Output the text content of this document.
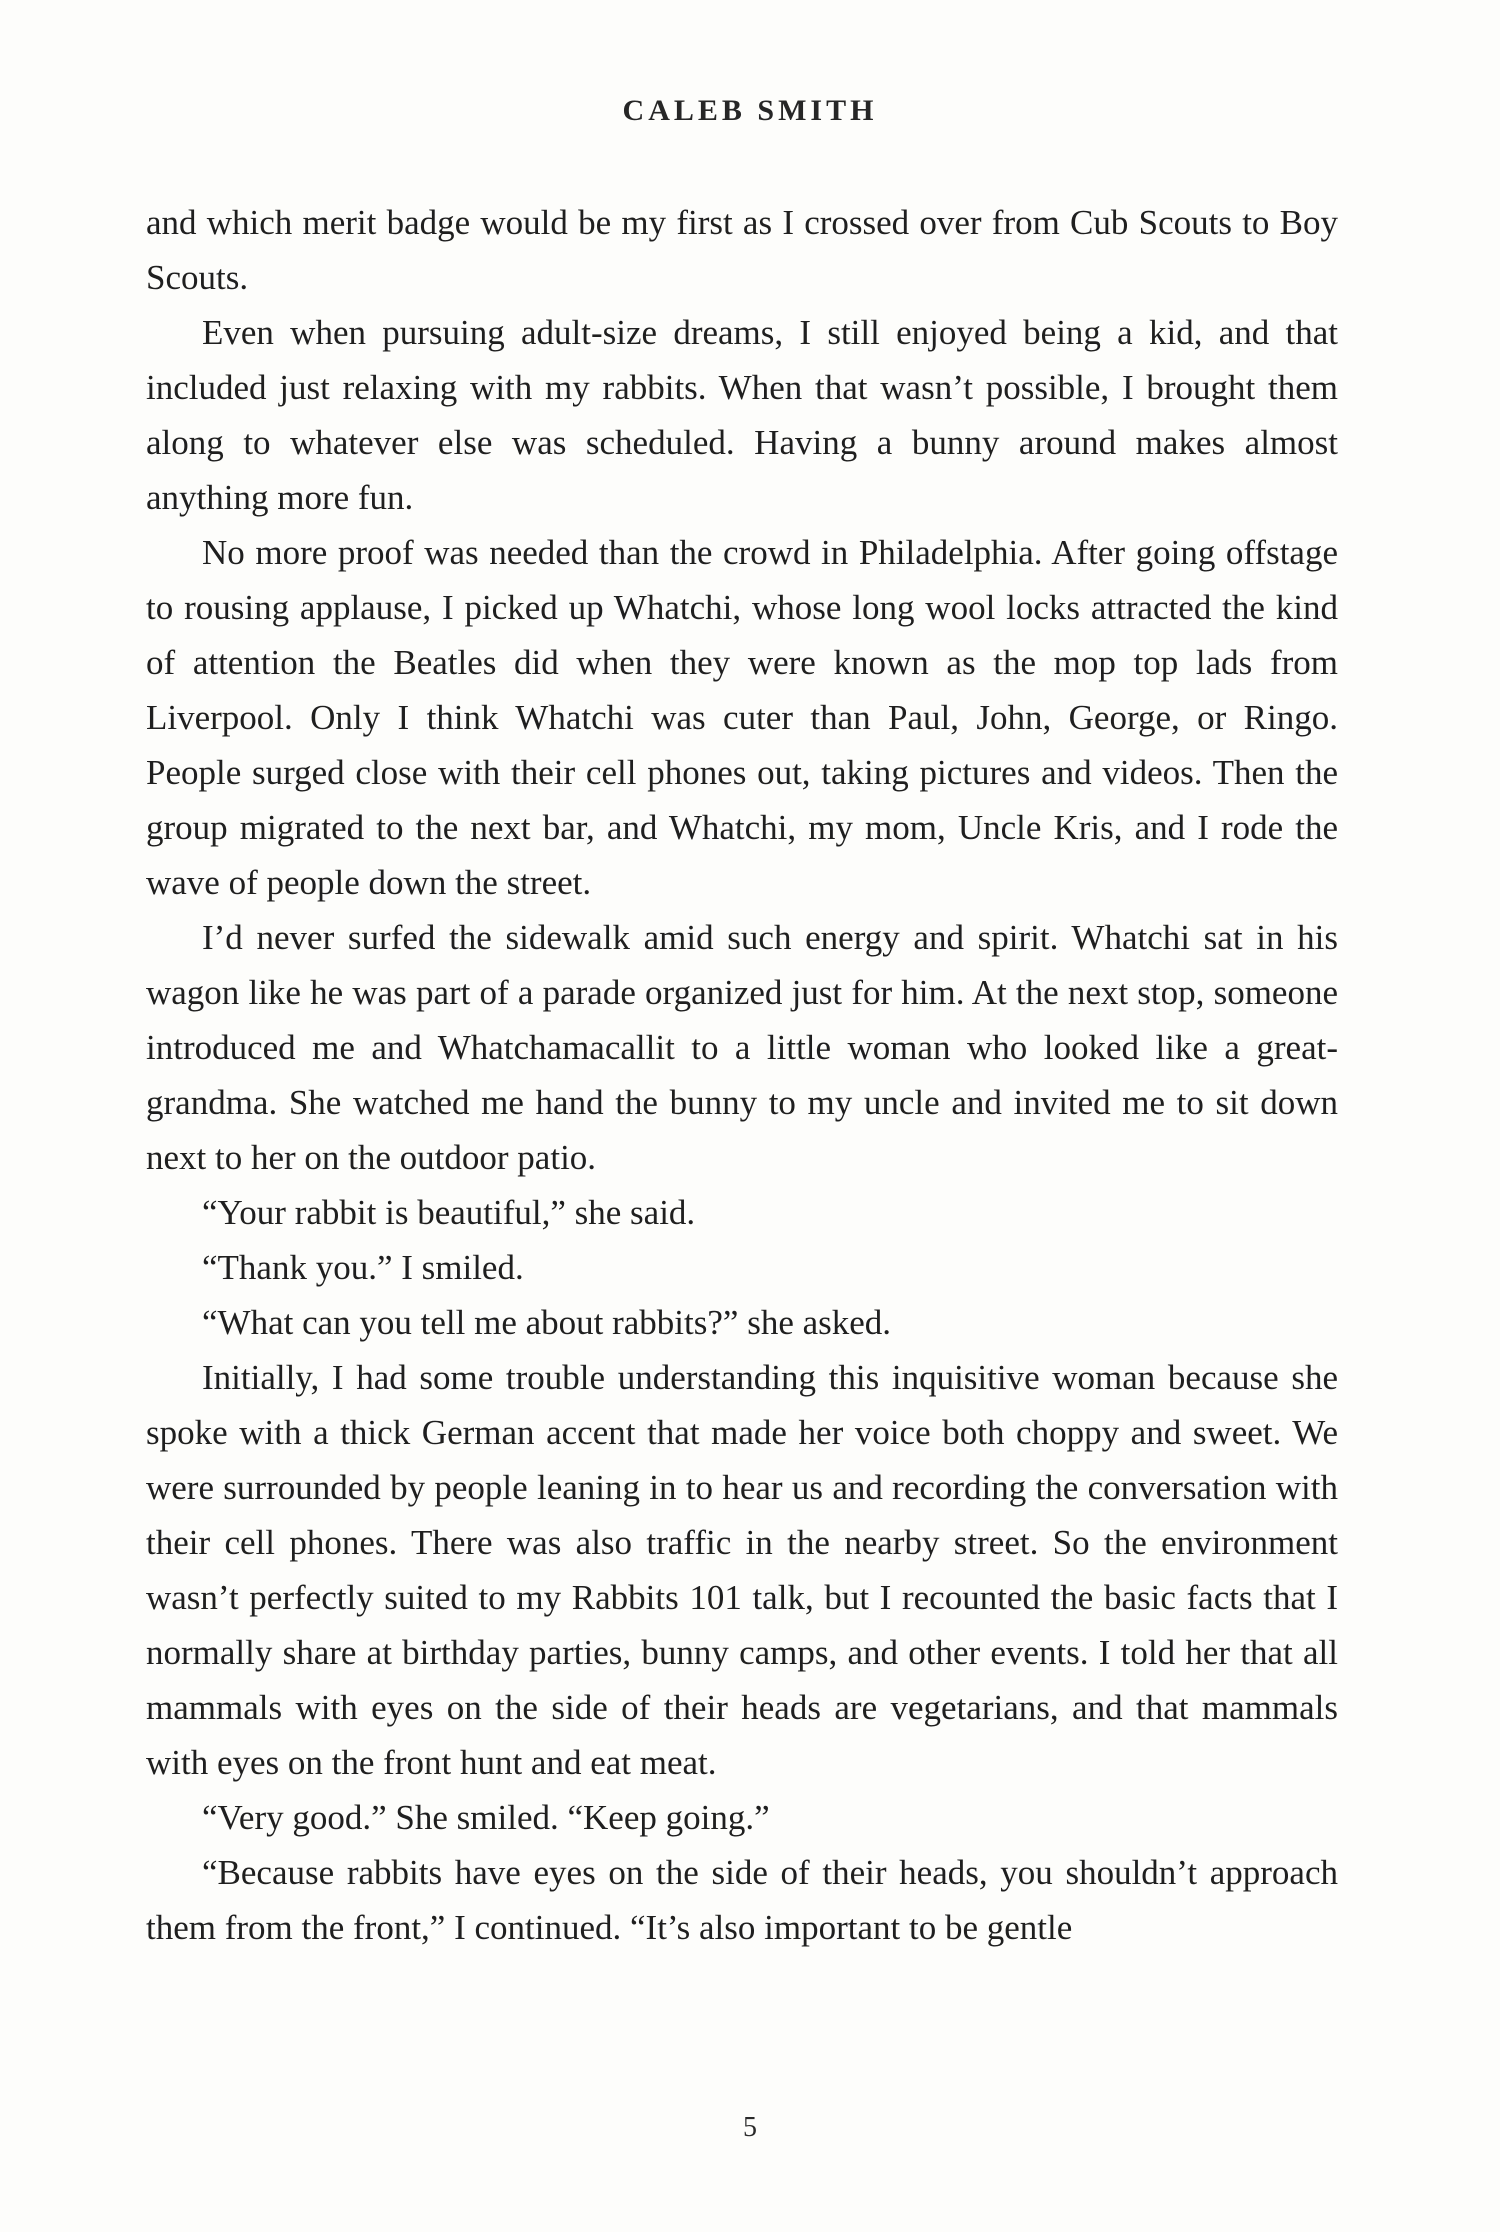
CALEB SMITH

and which merit badge would be my first as I crossed over from Cub Scouts to Boy Scouts.

Even when pursuing adult-size dreams, I still enjoyed being a kid, and that included just relaxing with my rabbits. When that wasn’t possible, I brought them along to whatever else was scheduled. Having a bunny around makes almost anything more fun.

No more proof was needed than the crowd in Philadelphia. After going offstage to rousing applause, I picked up Whatchi, whose long wool locks attracted the kind of attention the Beatles did when they were known as the mop top lads from Liverpool. Only I think Whatchi was cuter than Paul, John, George, or Ringo. People surged close with their cell phones out, taking pictures and videos. Then the group migrated to the next bar, and Whatchi, my mom, Uncle Kris, and I rode the wave of people down the street.

I’d never surfed the sidewalk amid such energy and spirit. Whatchi sat in his wagon like he was part of a parade organized just for him. At the next stop, someone introduced me and Whatchamacallit to a little woman who looked like a great-grandma. She watched me hand the bunny to my uncle and invited me to sit down next to her on the outdoor patio.

“Your rabbit is beautiful,” she said.

“Thank you.” I smiled.

“What can you tell me about rabbits?” she asked.

Initially, I had some trouble understanding this inquisitive woman because she spoke with a thick German accent that made her voice both choppy and sweet. We were surrounded by people leaning in to hear us and recording the conversation with their cell phones. There was also traffic in the nearby street. So the environment wasn’t perfectly suited to my Rabbits 101 talk, but I recounted the basic facts that I normally share at birthday parties, bunny camps, and other events. I told her that all mammals with eyes on the side of their heads are vegetarians, and that mammals with eyes on the front hunt and eat meat.

“Very good.” She smiled. “Keep going.”

“Because rabbits have eyes on the side of their heads, you shouldn’t approach them from the front,” I continued. “It’s also important to be gentle

5
